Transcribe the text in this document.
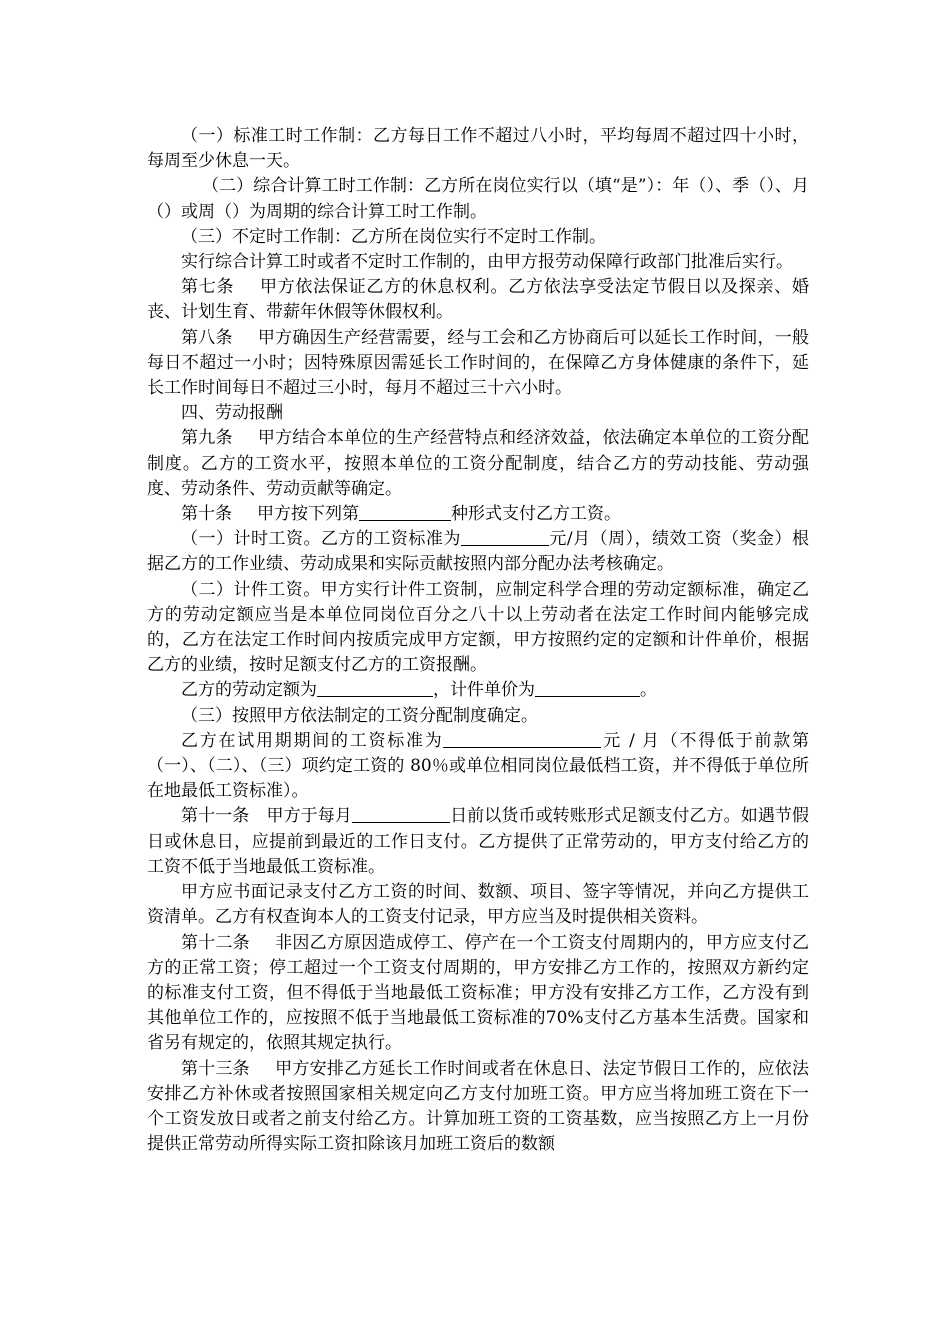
（一）标准工时工作制：乙方每日工作不超过八小时，平均每周不超过四十小时，每周至少休息一天。

（二）综合计算工时工作制：乙方所在岗位实行以（填“是”）：年（）、季（）、月（）或周（）为周期的综合计算工时工作制。

（三）不定时工作制：乙方所在岗位实行不定时工作制。

实行综合计算工时或者不定时工作制的，由甲方报劳动保障行政部门批准后实行。

第七条 甲方依法保证乙方的休息权利。乙方依法享受法定节假日以及探亲、婚丧、计划生育、带薪年休假等休假权利。

第八条 甲方确因生产经营需要，经与工会和乙方协商后可以延长工作时间，一般每日不超过一小时；因特殊原因需延长工作时间的，在保障乙方身体健康的条件下，延长工作时间每日不超过三小时，每月不超过三十六小时。

四、劳动报酬

第九条 甲方结合本单位的生产经营特点和经济效益，依法确定本单位的工资分配制度。乙方的工资水平，按照本单位的工资分配制度，结合乙方的劳动技能、劳动强度、劳动条件、劳动贡献等确定。

第十条 甲方按下列第	种形式支付乙方工资。

（一）计时工资。乙方的工资标准为	元/月（周），绩效工资（奖金）根据乙方的工作业绩、劳动成果和实际贡献按照内部分配办法考核确定。

（二）计件工资。甲方实行计件工资制，应制定科学合理的劳动定额标准，确定乙方的劳动定额应当是本单位同岗位百分之八十以上劳动者在法定工作时间内能够完成的，乙方在法定工作时间内按质完成甲方定额，甲方按照约定的定额和计件单价，根据乙方的业绩，按时足额支付乙方的工资报酬。

乙方的劳动定额为	，计件单价为	。

（三）按照甲方依法制定的工资分配制度确定。

乙方在试用期期间的工资标准为	元 / 月（不得低于前款第（一）、（二）、（三）项约定工资的 80％或单位相同岗位最低档工资，并不得低于单位所在地最低工资标准）。

第十一条 甲方于每月	日前以货币或转账形式足额支付乙方。如遇节假日或休息日，应提前到最近的工作日支付。乙方提供了正常劳动的，甲方支付给乙方的工资不低于当地最低工资标准。

甲方应书面记录支付乙方工资的时间、数额、项目、签字等情况，并向乙方提供工资清单。乙方有权查询本人的工资支付记录，甲方应当及时提供相关资料。

第十二条 非因乙方原因造成停工、停产在一个工资支付周期内的，甲方应支付乙方的正常工资；停工超过一个工资支付周期的，甲方安排乙方工作的，按照双方新约定的标准支付工资，但不得低于当地最低工资标准；甲方没有安排乙方工作，乙方没有到其他单位工作的，应按照不低于当地最低工资标准的70%支付乙方基本生活费。国家和省另有规定的，依照其规定执行。

第十三条 甲方安排乙方延长工作时间或者在休息日、法定节假日工作的，应依法安排乙方补休或者按照国家相关规定向乙方支付加班工资。甲方应当将加班工资在下一个工资发放日或者之前支付给乙方。计算加班工资的工资基数，应当按照乙方上一月份提供正常劳动所得实际工资扣除该月加班工资后的数额
